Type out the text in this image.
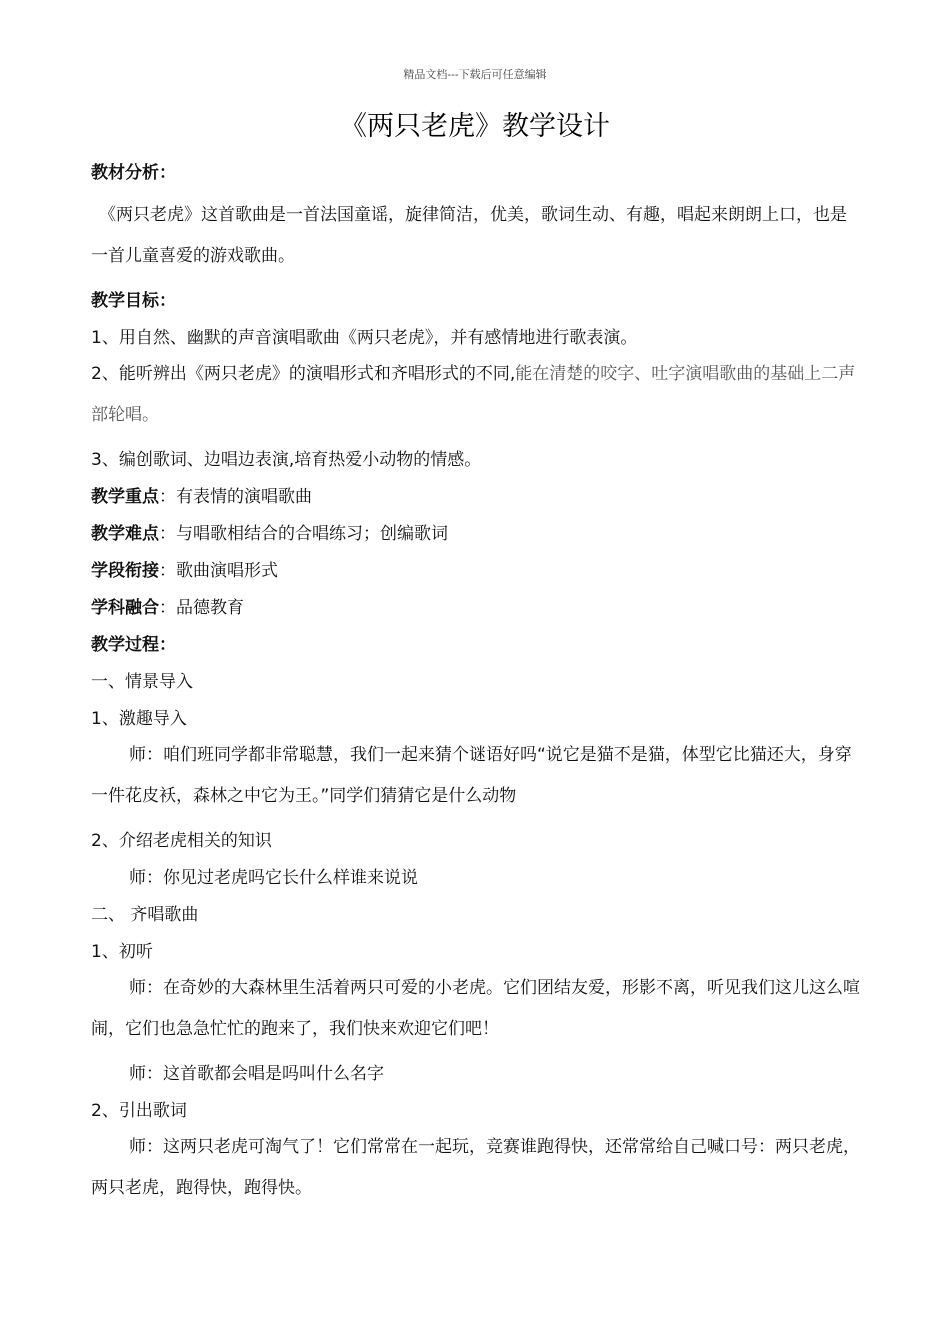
精品文档---下载后可任意编辑
《两只老虎》教学设计

教材分析：

《两只老虎》这首歌曲是一首法国童谣，旋律简洁，优美，歌词生动、有趣，唱起来朗朗上口，也是一首儿童喜爱的游戏歌曲。

教学目标：

1、用自然、幽默的声音演唱歌曲《两只老虎》，并有感情地进行歌表演。

2、能听辨出《两只老虎》的演唱形式和齐唱形式的不同,能在清楚的咬字、吐字演唱歌曲的基础上二声部轮唱。

3、编创歌词、边唱边表演,培育热爱小动物的情感。

教学重点：有表情的演唱歌曲

教学难点：与唱歌相结合的合唱练习；创编歌词

学段衔接：歌曲演唱形式

学科融合：品德教育

教学过程：

一、情景导入

1、激趣导入

师：咱们班同学都非常聪慧，我们一起来猜个谜语好吗“说它是猫不是猫，体型它比猫还大，身穿一件花皮袄，森林之中它为王。”同学们猜猜它是什么动物

2、介绍老虎相关的知识

师：你见过老虎吗它长什么样谁来说说

二、 齐唱歌曲

1、初听

师：在奇妙的大森林里生活着两只可爱的小老虎。它们团结友爱，形影不离，听见我们这儿这么喧闹，它们也急急忙忙的跑来了，我们快来欢迎它们吧！

师：这首歌都会唱是吗叫什么名字

2、引出歌词

师：这两只老虎可淘气了！它们常常在一起玩，竞赛谁跑得快，还常常给自己喊口号：两只老虎，两只老虎，跑得快，跑得快。
